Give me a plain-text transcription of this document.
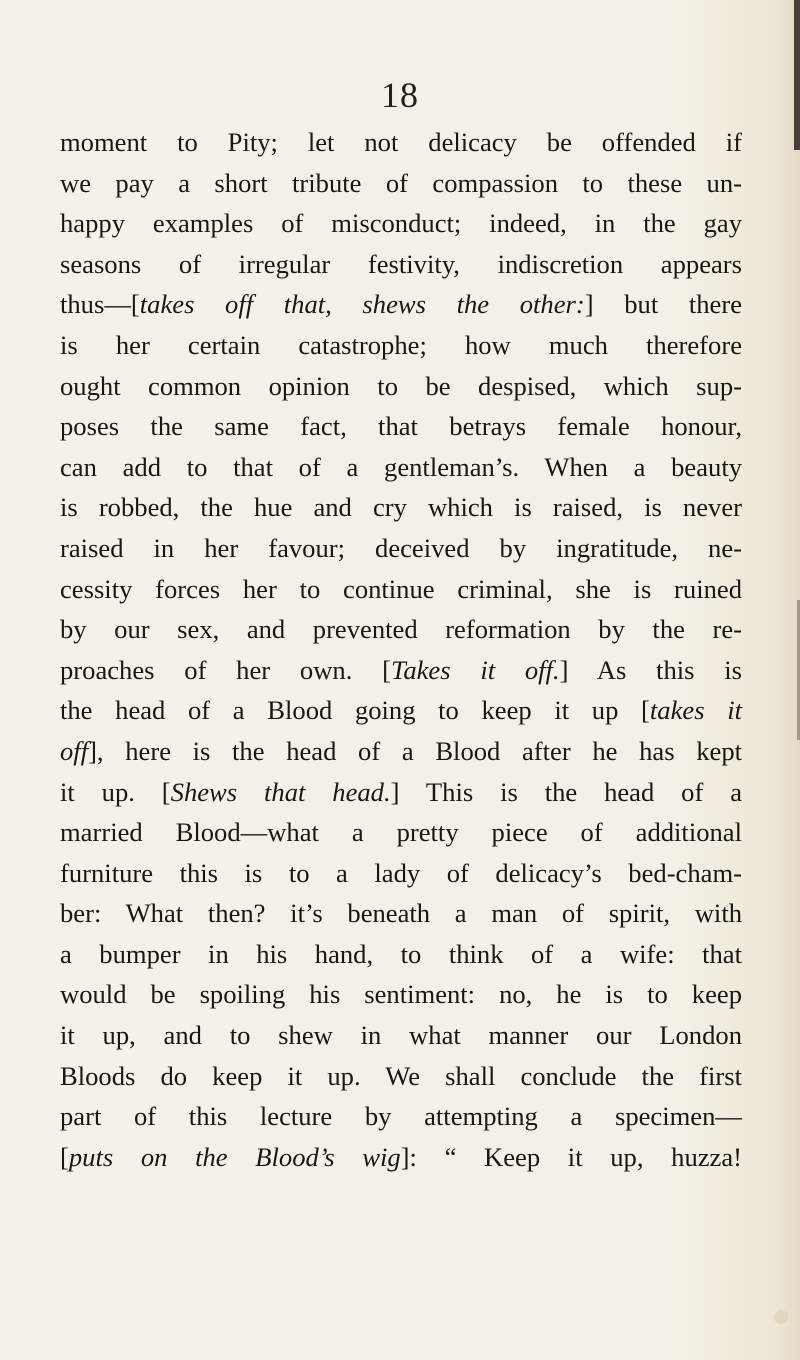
18
moment to Pity; let not delicacy be offended if
we pay a short tribute of compassion to these un-
happy examples of misconduct; indeed, in the gay
seasons of irregular festivity, indiscretion appears
thus—[takes off that, shews the other:] but there
is her certain catastrophe; how much therefore
ought common opinion to be despised, which sup-
poses the same fact, that betrays female honour,
can add to that of a gentleman’s. When a beauty
is robbed, the hue and cry which is raised, is never
raised in her favour; deceived by ingratitude, ne-
cessity forces her to continue criminal, she is ruined
by our sex, and prevented reformation by the re-
proaches of her own. [Takes it off.] As this is
the head of a Blood going to keep it up [takes it
off], here is the head of a Blood after he has kept
it up. [Shews that head.] This is the head of a
married Blood—what a pretty piece of additional
furniture this is to a lady of delicacy’s bed-cham-
ber: What then? it’s beneath a man of spirit, with
a bumper in his hand, to think of a wife: that
would be spoiling his sentiment: no, he is to keep
it up, and to shew in what manner our London
Bloods do keep it up. We shall conclude the first
part of this lecture by attempting a specimen—
[puts on the Blood’s wig]: “ Keep it up, huzza!
